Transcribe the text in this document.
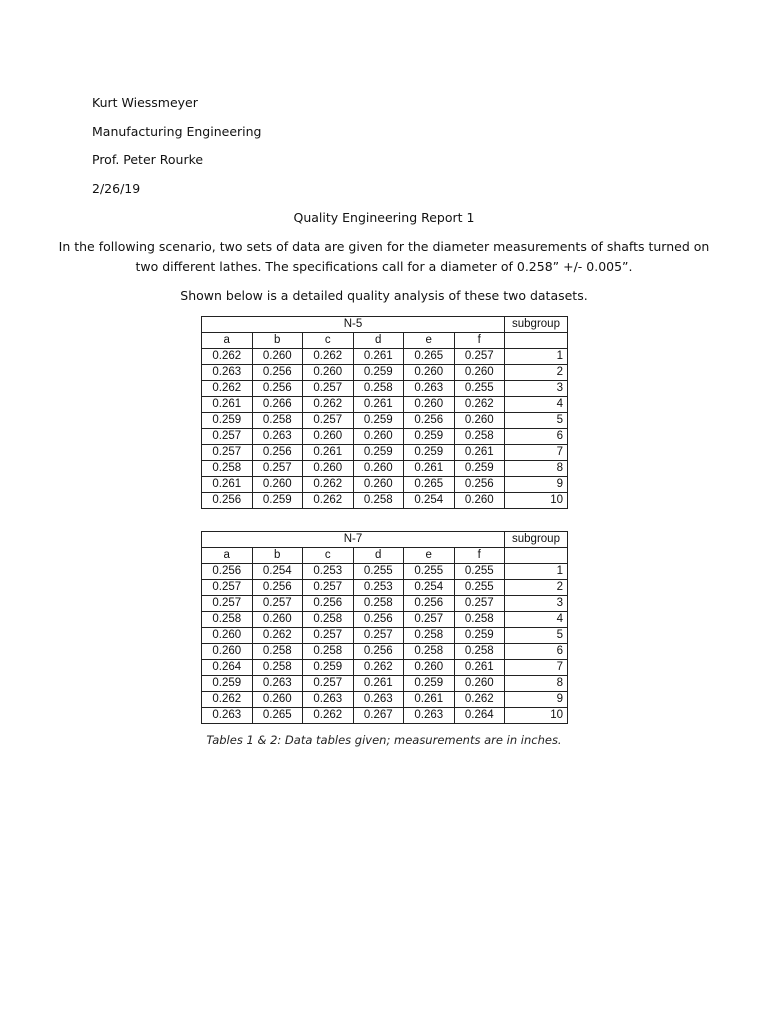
Kurt Wiessmeyer
Manufacturing Engineering
Prof. Peter Rourke
2/26/19
Quality Engineering Report 1
In the following scenario, two sets of data are given for the diameter measurements of shafts turned on
two different lathes. The specifications call for a diameter of 0.258” +/- 0.005”.
Shown below is a detailed quality analysis of these two datasets.
N-5						subgroup
a	b	c	d	e	f	
0.262	0.260	0.262	0.261	0.265	0.257	1
0.263	0.256	0.260	0.259	0.260	0.260	2
0.262	0.256	0.257	0.258	0.263	0.255	3
0.261	0.266	0.262	0.261	0.260	0.262	4
0.259	0.258	0.257	0.259	0.256	0.260	5
0.257	0.263	0.260	0.260	0.259	0.258	6
0.257	0.256	0.261	0.259	0.259	0.261	7
0.258	0.257	0.260	0.260	0.261	0.259	8
0.261	0.260	0.262	0.260	0.265	0.256	9
0.256	0.259	0.262	0.258	0.254	0.260	10
N-7						subgroup
a	b	c	d	e	f	
0.256	0.254	0.253	0.255	0.255	0.255	1
0.257	0.256	0.257	0.253	0.254	0.255	2
0.257	0.257	0.256	0.258	0.256	0.257	3
0.258	0.260	0.258	0.256	0.257	0.258	4
0.260	0.262	0.257	0.257	0.258	0.259	5
0.260	0.258	0.258	0.256	0.258	0.258	6
0.264	0.258	0.259	0.262	0.260	0.261	7
0.259	0.263	0.257	0.261	0.259	0.260	8
0.262	0.260	0.263	0.263	0.261	0.262	9
0.263	0.265	0.262	0.267	0.263	0.264	10
Tables 1 & 2: Data tables given; measurements are in inches.
